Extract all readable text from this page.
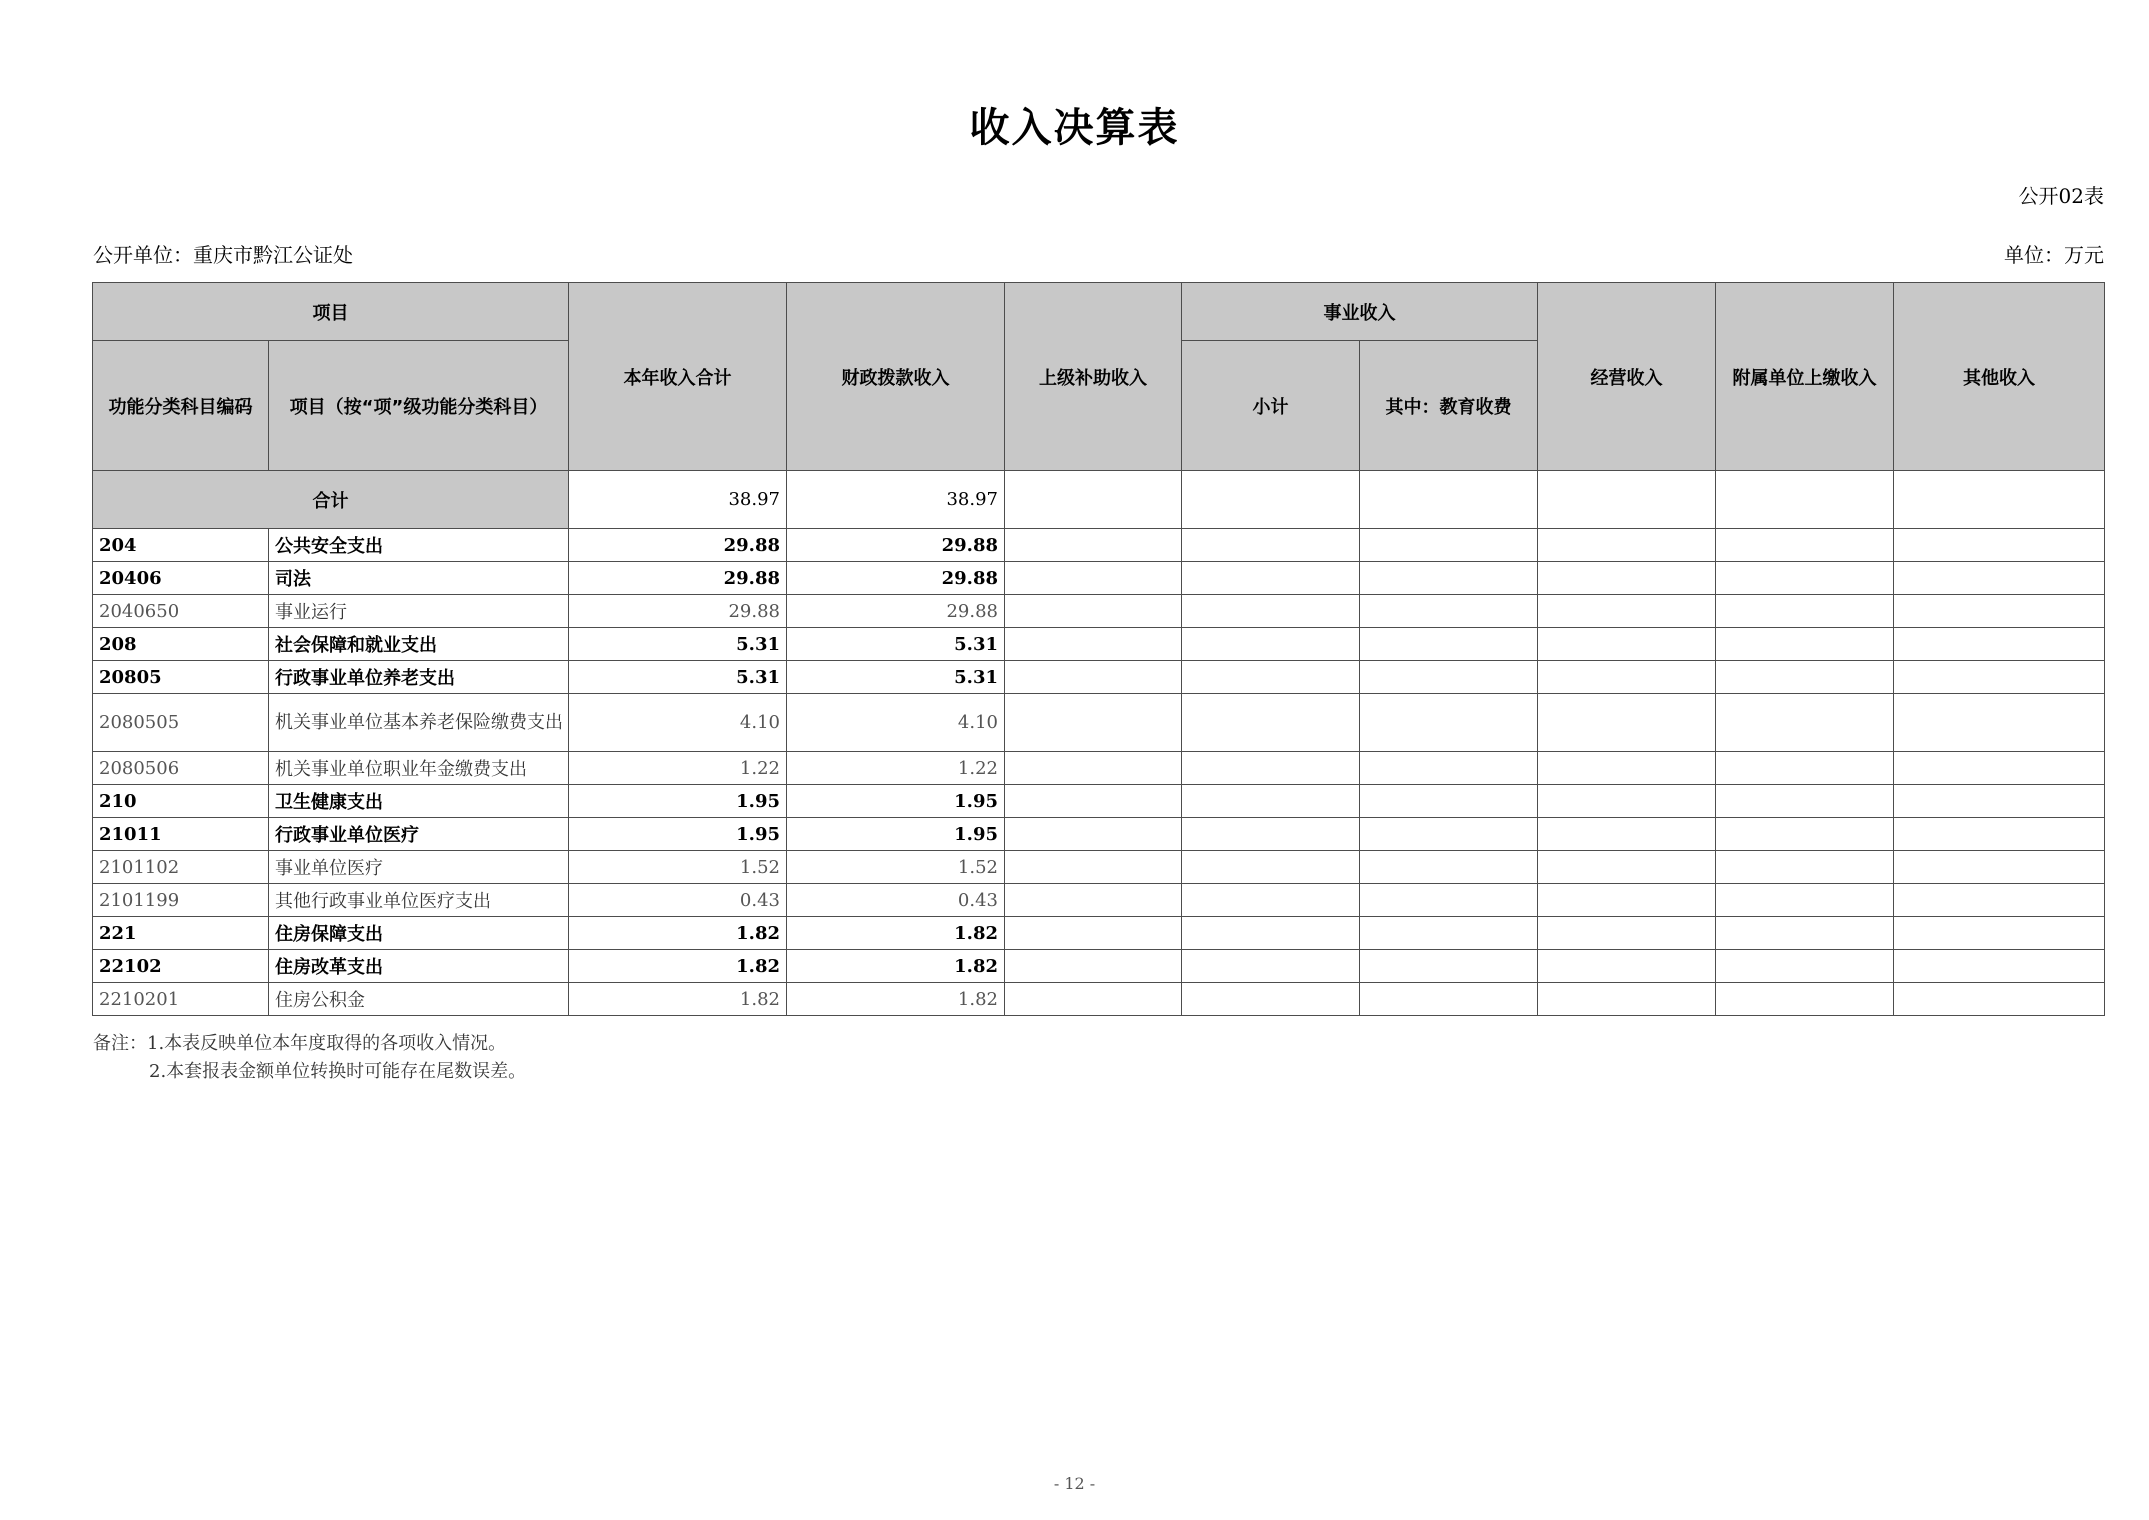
收入决算表
公开02表
公开单位：重庆市黔江公证处	单位：万元
项目		本年收入合计	财政拨款收入	上级补助收入	事业收入		经营收入	附属单位上缴收入	其他收入
功能分类科目编码	项目（按“项”级功能分类科目）				小计	其中：教育收费			
合计		38.97	38.97						
204	公共安全支出	29.88	29.88						
20406	司法	29.88	29.88						
2040650	事业运行	29.88	29.88						
208	社会保障和就业支出	5.31	5.31						
20805	行政事业单位养老支出	5.31	5.31						
2080505	机关事业单位基本养老保险缴费支出	4.10	4.10						
2080506	机关事业单位职业年金缴费支出	1.22	1.22						
210	卫生健康支出	1.95	1.95						
21011	行政事业单位医疗	1.95	1.95						
2101102	事业单位医疗	1.52	1.52						
2101199	其他行政事业单位医疗支出	0.43	0.43						
221	住房保障支出	1.82	1.82						
22102	住房改革支出	1.82	1.82						
2210201	住房公积金	1.82	1.82						
备注：1.本表反映单位本年度取得的各项收入情况。
2.本套报表金额单位转换时可能存在尾数误差。
- 12 -
